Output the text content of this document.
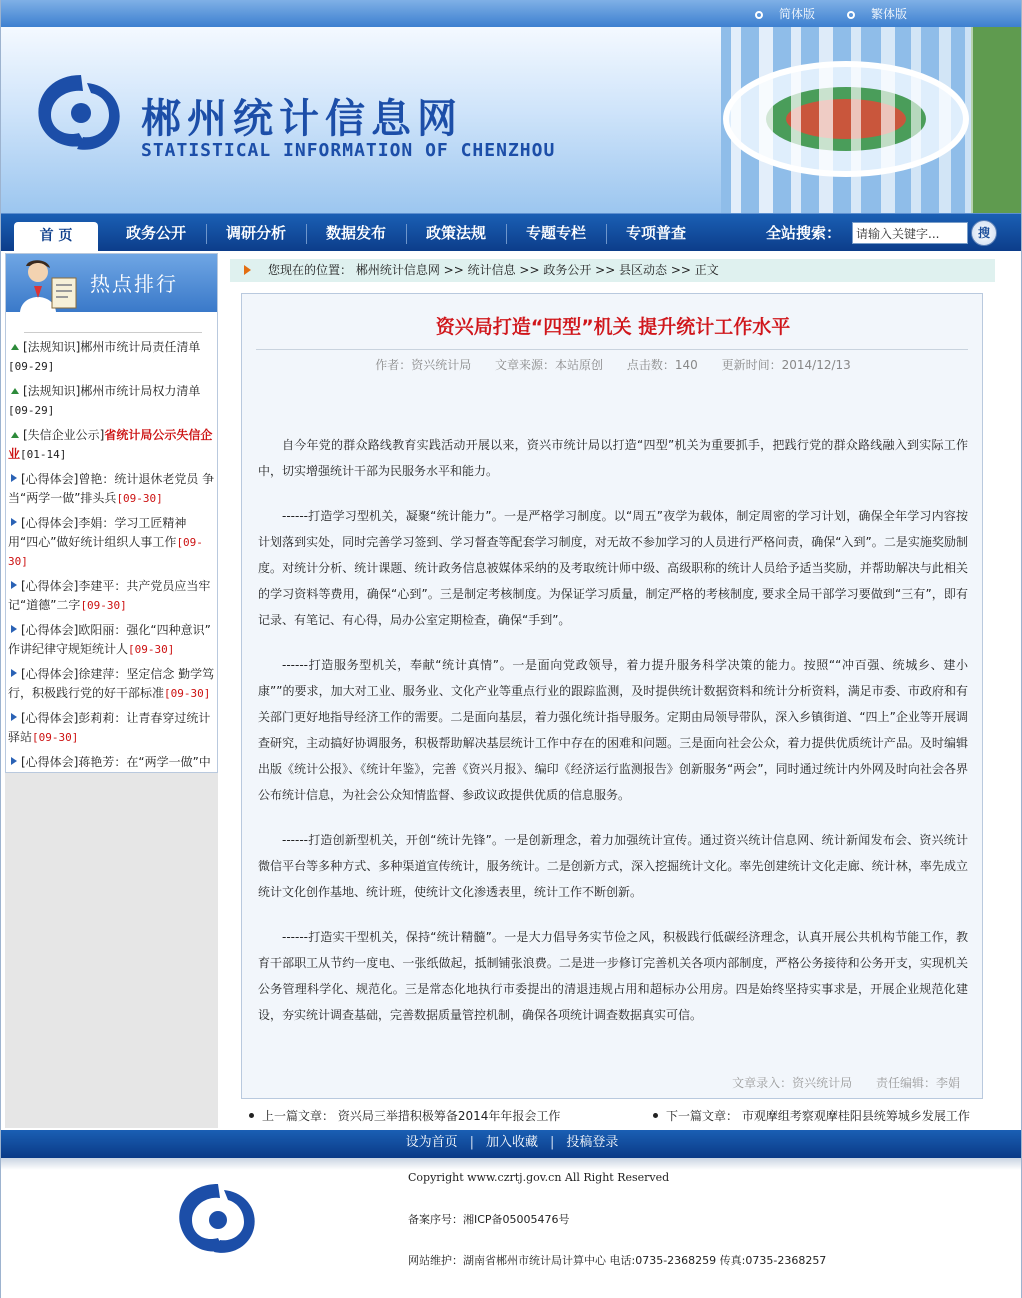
简体版	繁体版
郴州统计信息网
STATISTICAL INFORMATION OF CHENZHOU
首 页	政务公开	调研分析	数据发布	政策法规	专题专栏	专项普查	全站搜索：
请输入关键字...	搜
热点排行
[法规知识]郴州市统计局责任清单
[09-29]
[法规知识]郴州市统计局权力清单
[09-29]
[失信企业公示]省统计局公示失信企业[01-14]
[心得体会]曾艳：统计退休老党员 争当“两学一做”排头兵[09-30]
[心得体会]李娟：学习工匠精神 用“四心”做好统计组织人事工作[09-30]
[心得体会]李建平：共产党员应当牢记“道德”二字[09-30]
[心得体会]欧阳丽：强化“四种意识” 作讲纪律守规矩统计人[09-30]
[心得体会]徐建萍：坚定信念 勤学笃行，积极践行党的好干部标准[09-30]
[心得体会]彭莉莉：让青春穿过统计驿站[09-30]
[心得体会]蒋艳芳：在“两学一做”中
您现在的位置： 郴州统计信息网 >> 统计信息 >> 政务公开 >> 县区动态 >> 正文
资兴局打造“四型”机关 提升统计工作水平
作者：资兴统计局 文章来源：本站原创 点击数：140 更新时间：2014/12/13

自今年党的群众路线教育实践活动开展以来，资兴市统计局以打造“四型”机关为重要抓手，把践行党的群众路线融入到实际工作中，切实增强统计干部为民服务水平和能力。

------打造学习型机关，凝聚“统计能力”。一是严格学习制度。以“周五”夜学为载体，制定周密的学习计划，确保全年学习内容按计划落到实处，同时完善学习签到、学习督查等配套学习制度，对无故不参加学习的人员进行严格问责，确保“入到”。二是实施奖励制度。对统计分析、统计课题、统计政务信息被媒体采纳的及考取统计师中级、高级职称的统计人员给予适当奖励，并帮助解决与此相关的学习资料等费用，确保“心到”。三是制定考核制度。为保证学习质量，制定严格的考核制度, 要求全局干部学习要做到“三有”，即有记录、有笔记、有心得，局办公室定期检查，确保“手到”。

------打造服务型机关，奉献“统计真情”。一是面向党政领导，着力提升服务科学决策的能力。按照““冲百强、统城乡、建小康””的要求，加大对工业、服务业、文化产业等重点行业的跟踪监测，及时提供统计数据资料和统计分析资料，满足市委、市政府和有关部门更好地指导经济工作的需要。二是面向基层，着力强化统计指导服务。定期由局领导带队，深入乡镇街道、“四上”企业等开展调查研究，主动搞好协调服务，积极帮助解决基层统计工作中存在的困难和问题。三是面向社会公众，着力提供优质统计产品。及时编辑出版《统计公报》、《统计年鉴》，完善《资兴月报》、编印《经济运行监测报告》创新服务“两会”，同时通过统计内外网及时向社会各界公布统计信息，为社会公众知情监督、参政议政提供优质的信息服务。

------打造创新型机关，开创“统计先锋”。一是创新理念，着力加强统计宣传。通过资兴统计信息网、统计新闻发布会、资兴统计微信平台等多种方式、多种渠道宣传统计，服务统计。二是创新方式，深入挖掘统计文化。率先创建统计文化走廊、统计林，率先成立统计文化创作基地、统计班，使统计文化渗透表里，统计工作不断创新。

------打造实干型机关，保持“统计精髓”。一是大力倡导务实节俭之风，积极践行低碳经济理念，认真开展公共机构节能工作，教育干部职工从节约一度电、一张纸做起，抵制铺张浪费。二是进一步修订完善机关各项内部制度，严格公务接待和公务开支，实现机关公务管理科学化、规范化。三是常态化地执行市委提出的清退违规占用和超标办公用房。四是始终坚持实事求是，开展企业规范化建设，夯实统计调查基础，完善数据质量管控机制，确保各项统计调查数据真实可信。

文章录入：资兴统计局 责任编辑：李娟
上一篇文章： 资兴局三举措积极筹备2014年年报会工作	下一篇文章： 市观摩组考察观摩桂阳县统筹城乡发展工作
设为首页 | 加入收藏 | 投稿登录
Copyright www.czrtj.gov.cn All Right Reserved
备案序号：湘ICP备05005476号
网站维护：湖南省郴州市统计局计算中心 电话:0735-2368259 传真:0735-2368257
